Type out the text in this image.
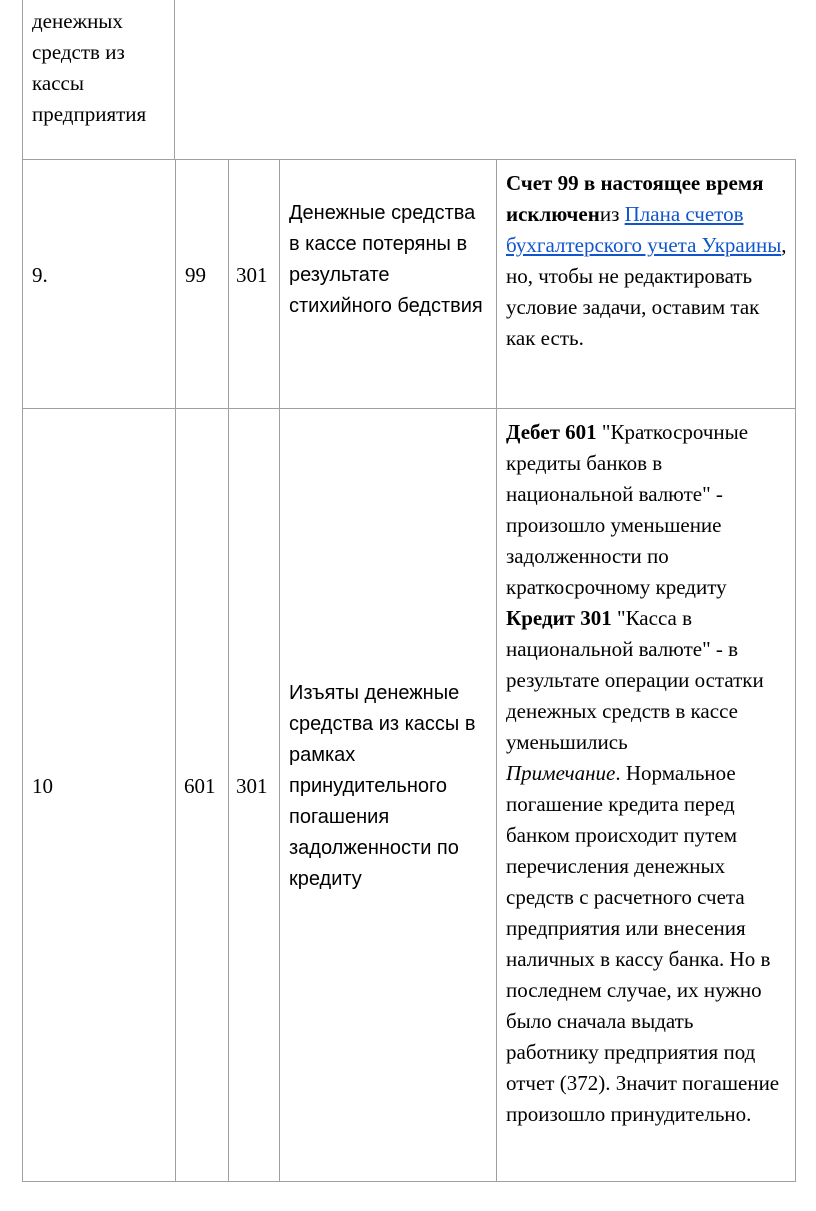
денежных средств из кассы предприятия
9.	99 301
Денежные средства в кассе потеряны в результате стихийного бедствия
Счет 99 в настоящее время исключениз Плана счетов бухгалтерского учета Украины, но, чтобы не редактировать условие задачи, оставим так как есть.
10	601 301
Изъяты денежные средства из кассы в рамках принудительного погашения задолженности по кредиту
Дебет 601 "Краткосрочные кредиты банков в национальной валюте" - произошло уменьшение задолженности по краткосрочному кредиту
Кредит 301 "Касса в национальной валюте" - в результате операции остатки денежных средств в кассе уменьшились
Примечание. Нормальное погашение кредита перед банком происходит путем перечисления денежных средств с расчетного счета предприятия или внесения наличных в кассу банка. Но в последнем случае, их нужно было сначала выдать работнику предприятия под отчет (372). Значит погашение произошло принудительно.
